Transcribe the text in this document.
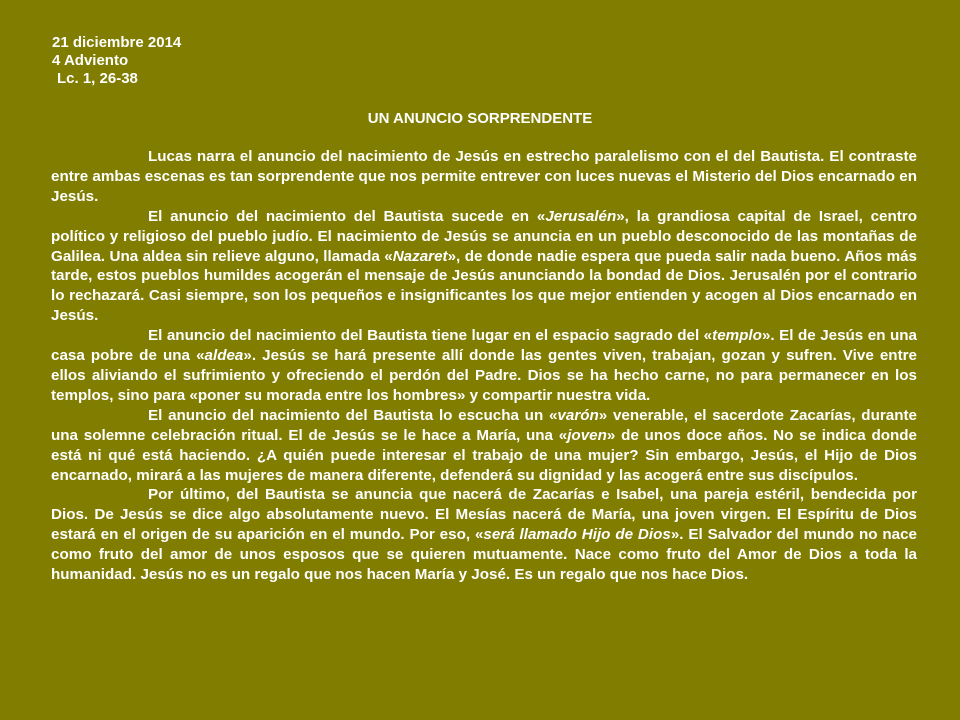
21 diciembre 2014
4 Adviento
Lc. 1, 26-38
UN ANUNCIO SORPRENDENTE

Lucas narra el anuncio del nacimiento de Jesús en estrecho paralelismo con el del Bautista. El contraste entre ambas escenas es tan sorprendente que nos permite entrever con luces nuevas el Misterio del Dios encarnado en Jesús.

El anuncio del nacimiento del Bautista sucede en «Jerusalén», la grandiosa capital de Israel, centro político y religioso del pueblo judío. El nacimiento de Jesús se anuncia en un pueblo desconocido de las montañas de Galilea. Una aldea sin relieve alguno, llamada «Nazaret», de donde nadie espera que pueda salir nada bueno. Años más tarde, estos pueblos humildes acogerán el mensaje de Jesús anunciando la bondad de Dios. Jerusalén por el contrario lo rechazará. Casi siempre, son los pequeños e insignificantes los que mejor entienden y acogen al Dios encarnado en Jesús.

El anuncio del nacimiento del Bautista tiene lugar en el espacio sagrado del «templo». El de Jesús en una casa pobre de una «aldea». Jesús se hará presente allí donde las gentes viven, trabajan, gozan y sufren. Vive entre ellos aliviando el sufrimiento y ofreciendo el perdón del Padre. Dios se ha hecho carne, no para permanecer en los templos, sino para «poner su morada entre los hombres» y compartir nuestra vida.

El anuncio del nacimiento del Bautista lo escucha un «varón» venerable, el sacerdote Zacarías, durante una solemne celebración ritual. El de Jesús se le hace a María, una «joven» de unos doce años. No se indica donde está ni qué está haciendo. ¿A quién puede interesar el trabajo de una mujer? Sin embargo, Jesús, el Hijo de Dios encarnado, mirará a las mujeres de manera diferente, defenderá su dignidad y las acogerá entre sus discípulos.

Por último, del Bautista se anuncia que nacerá de Zacarías e Isabel, una pareja estéril, bendecida por Dios. De Jesús se dice algo absolutamente nuevo. El Mesías nacerá de María, una joven virgen. El Espíritu de Dios estará en el origen de su aparición en el mundo. Por eso, «será llamado Hijo de Dios». El Salvador del mundo no nace como fruto del amor de unos esposos que se quieren mutuamente. Nace como fruto del Amor de Dios a toda la humanidad. Jesús no es un regalo que nos hacen María y José. Es un regalo que nos hace Dios.
